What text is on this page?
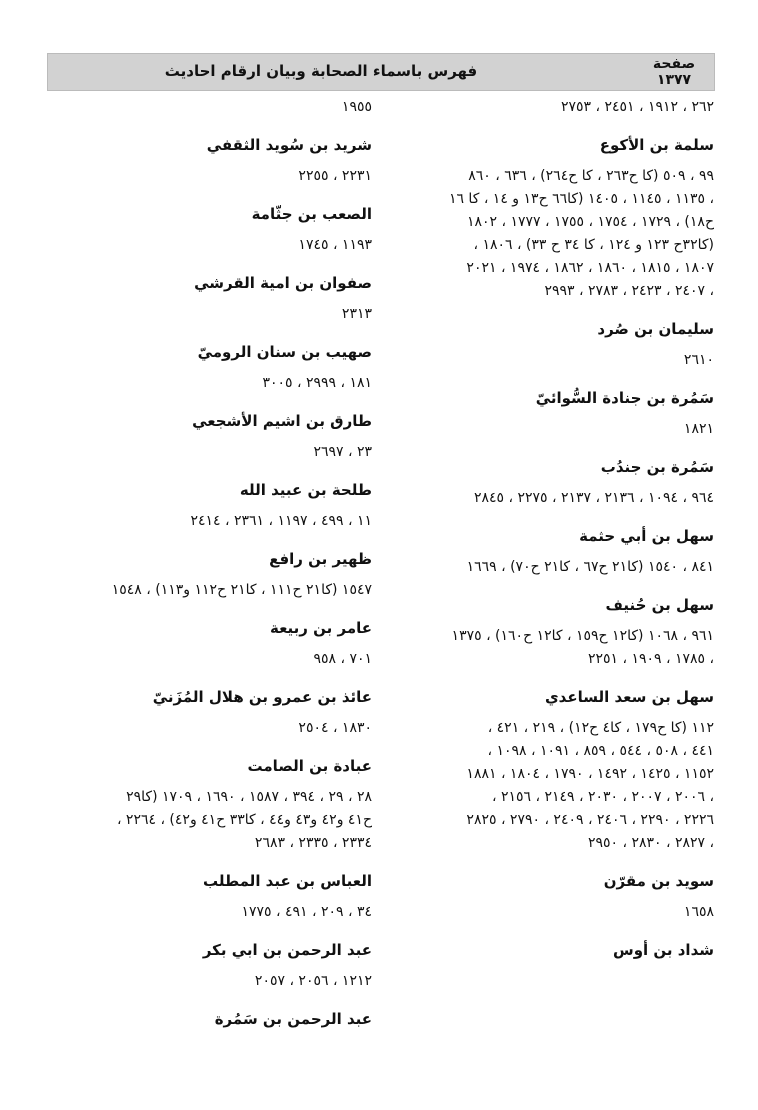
صفحة
١٣٧٧
فهرس باسماء الصحابة وبيان ارقام احاديث
٢٦٢ ، ١٩١٢ ، ٢٤٥١ ، ٢٧٥٣
سلمة بن الأكوع
٩٩ ، ٥٠٩ (كا ح٢٦٣ ، كا ح٢٦٤) ، ٦٣٦ ، ٨٦٠
، ١١٣٥ ، ١١٤٥ ، ١٤٠٥ (كا٦٦ ح١٣ و ١٤ ، كا ١٦
ح١٨) ، ١٧٢٩ ، ١٧٥٤ ، ١٧٥٥ ، ١٧٧٧ ، ١٨٠٢
(كا٣٢ح ١٢٣ و ١٢٤ ، كا ٣٤ ح ٣٣) ، ١٨٠٦ ،
١٨٠٧ ، ١٨١٥ ، ١٨٦٠ ، ١٨٦٢ ، ١٩٧٤ ، ٢٠٢١
، ٢٤٠٧ ، ٢٤٢٣ ، ٢٧٨٣ ، ٢٩٩٣
سليمان بن صُرد
٢٦١٠
سَمُرة بن جنادة السُّوائيّ
١٨٢١
سَمُرة بن جندُب
٩٦٤ ، ١٠٩٤ ، ٢١٣٦ ، ٢١٣٧ ، ٢٢٧٥ ، ٢٨٤٥
سهل بن أبي حثمة
٨٤١ ، ١٥٤٠ (كا٢١ ح٦٧ ، كا٢١ ح٧٠) ، ١٦٦٩
سهل بن حُنيف
٩٦١ ، ١٠٦٨ (كا١٢ ح١٥٩ ، كا١٢ ح١٦٠) ، ١٣٧٥
، ١٧٨٥ ، ١٩٠٩ ، ٢٢٥١
سهل بن سعد الساعدي
١١٢ (كا ح١٧٩ ، كا٤ ح١٢) ، ٢١٩ ، ٤٢١ ،
٤٤١ ، ٥٠٨ ، ٥٤٤ ، ٨٥٩ ، ١٠٩١ ، ١٠٩٨ ،
١١٥٢ ، ١٤٢٥ ، ١٤٩٢ ، ١٧٩٠ ، ١٨٠٤ ، ١٨٨١
، ٢٠٠٦ ، ٢٠٠٧ ، ٢٠٣٠ ، ٢١٤٩ ، ٢١٥٦ ،
٢٢٢٦ ، ٢٢٩٠ ، ٢٤٠٦ ، ٢٤٠٩ ، ٢٧٩٠ ، ٢٨٢٥
، ٢٨٢٧ ، ٢٨٣٠ ، ٢٩٥٠
سويد بن مقرّن
١٦٥٨
شداد بن أوس
١٩٥٥
شريد بن سُويد الثقفي
٢٢٣١ ، ٢٢٥٥
الصعب بن جثّامة
١١٩٣ ، ١٧٤٥
صفوان بن امية القرشي
٢٣١٣
صهيب بن سنان الروميّ
١٨١ ، ٢٩٩٩ ، ٣٠٠٥
طارق بن اشيم الأشجعي
٢٣ ، ٢٦٩٧
طلحة بن عبيد الله
١١ ، ٤٩٩ ، ١١٩٧ ، ٢٣٦١ ، ٢٤١٤
ظهير بن رافع
١٥٤٧ (كا٢١ ح١١١ ، كا٢١ ح١١٢ و١١٣) ، ١٥٤٨
عامر بن ربيعة
٧٠١ ، ٩٥٨
عائذ بن عمرو بن هلال المُزَنيّ
١٨٣٠ ، ٢٥٠٤
عبادة بن الصامت
٢٨ ، ٢٩ ، ٣٩٤ ، ١٥٨٧ ، ١٦٩٠ ، ١٧٠٩ (كا٢٩
ح٤١ و٤٢ و٤٣ و٤٤ ، كا٣٣ ح٤١ و٤٢) ، ٢٢٦٤ ،
٢٣٣٤ ، ٢٣٣٥ ، ٢٦٨٣
العباس بن عبد المطلب
٣٤ ، ٢٠٩ ، ٤٩١ ، ١٧٧٥
عبد الرحمن بن ابي بكر
١٢١٢ ، ٢٠٥٦ ، ٢٠٥٧
عبد الرحمن بن سَمُرة
